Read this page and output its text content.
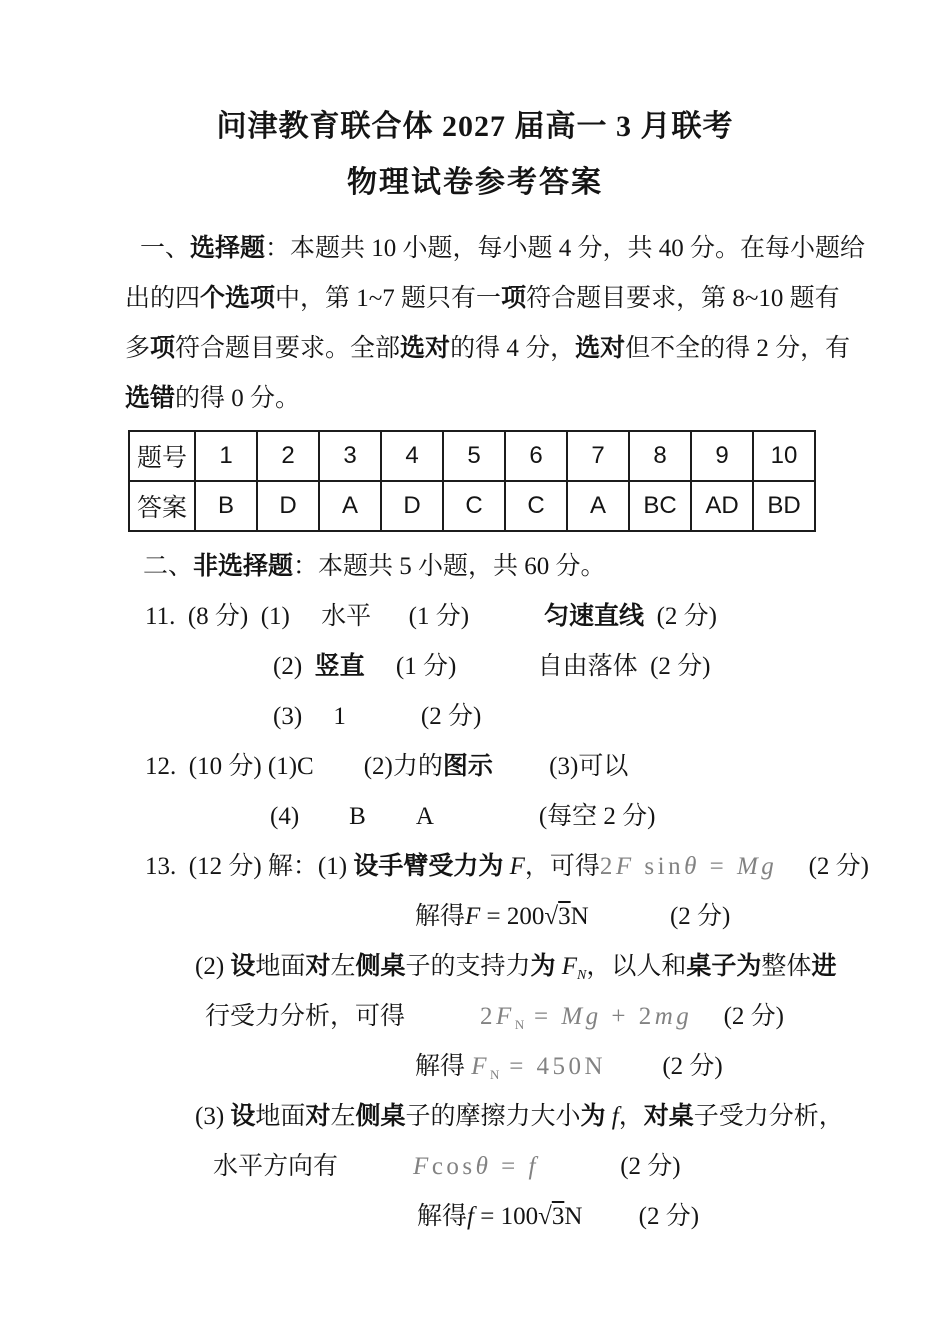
问津教育联合体 2027 届高一 3 月联考
物理试卷参考答案
一、选择题：本题共 10 小题，每小题 4 分，共 40 分。在每小题给
出的四个选项中，第 1~7 题只有一项符合题目要求，第 8~10 题有
多项符合题目要求。全部选对的得 4 分，选对但不全的得 2 分，有
选错的得 0 分。
题号	1	2	3	4	5	6	7	8	9	10
答案	B	D	A	D	C	C	A	BC	AD	BD
二、非选择题：本题共 5 小题，共 60 分。
11.  (8 分)  (1)　 水平　  (1 分)　　　匀速直线  (2 分)
(2)  竖直　 (1 分)　　　 自由落体  (2 分)
(3)　 1　　　(2 分)
12.  (10 分) (1)C　　(2)力的图示　　 (3)可以
(4)　　B　　 A　　　　	(每空 2 分)
13.  (12 分) 解：(1) 设手臂受力为 F，可得2F sinθ = Mg　 (2 分)
解得F = 200√3N　　　 (2 分)
(2) 设地面对左侧桌子的支持力为 $F_N$，以人和桌子为整体进
行受力分析，可得　　　	$2F_N = Mg + 2mg$　 (2 分)
解得 $F_N = 450N$　　 (2 分)
(3) 设地面对左侧桌子的摩擦力大小为 f，对桌子受力分析，
水平方向有　　　	Fcosθ = f　　　 (2 分)
解得f = 100√3N　　 (2 分)
